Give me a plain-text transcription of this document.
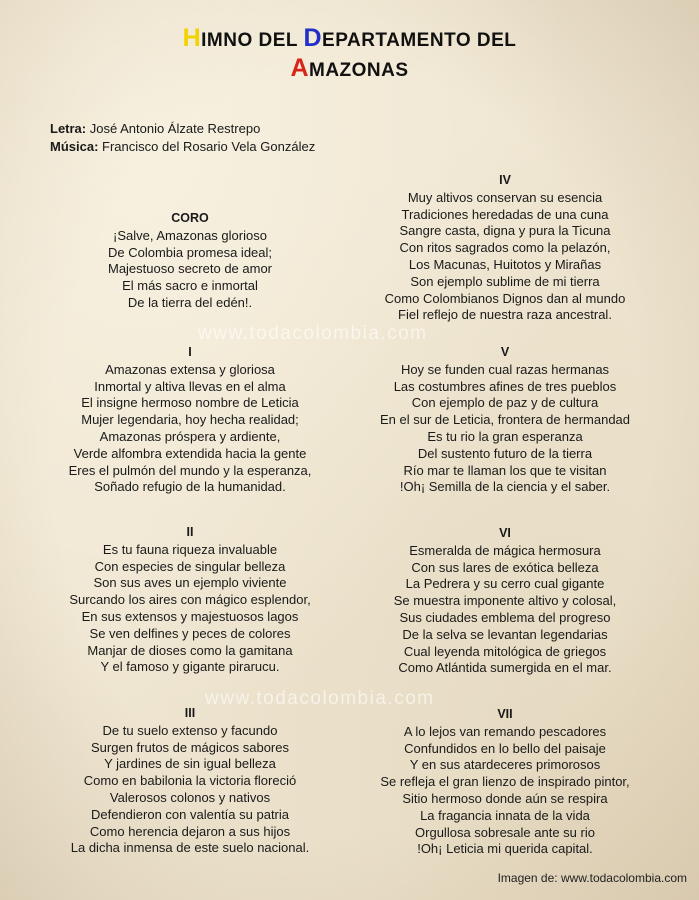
HIMNO DEL DEPARTAMENTO DEL
AMAZONAS
Letra: José Antonio Álzate Restrepo
Música: Francisco del Rosario Vela González
www.todacolombia.com
www.todacolombia.com
CORO
¡Salve, Amazonas glorioso
De Colombia promesa ideal;
Majestuoso secreto de amor
El más sacro e inmortal
De la tierra del edén!.
I
Amazonas extensa y gloriosa
Inmortal y altiva llevas en el alma
El insigne hermoso nombre de Leticia
Mujer legendaria, hoy hecha realidad;
Amazonas próspera y ardiente,
Verde alfombra extendida hacia la gente
Eres el pulmón del mundo y la esperanza,
Soñado refugio de la humanidad.
II
Es tu fauna riqueza invaluable
Con especies de singular belleza
Son sus aves un ejemplo viviente
Surcando los aires con mágico esplendor,
En sus extensos y majestuosos lagos
Se ven delfines y peces de colores
Manjar de dioses como la gamitana
Y el famoso y gigante pirarucu.
III
De tu suelo extenso y facundo
Surgen frutos de mágicos sabores
Y jardines de sin igual belleza
Como en babilonia la victoria floreció
Valerosos colonos y nativos
Defendieron con valentía su patria
Como herencia dejaron a sus hijos
La dicha inmensa de este suelo nacional.
IV
Muy altivos conservan su esencia
Tradiciones heredadas de una cuna
Sangre casta, digna y pura la Ticuna
Con ritos sagrados como la pelazón,
Los Macunas, Huitotos y Mirañas
Son ejemplo sublime de mi tierra
Como Colombianos Dignos dan al mundo
Fiel reflejo de nuestra raza ancestral.
V
Hoy se funden cual razas hermanas
Las costumbres afines de tres pueblos
Con ejemplo de paz y de cultura
En el sur de Leticia, frontera de hermandad
Es tu rio la gran esperanza
Del sustento futuro de la tierra
Río mar te llaman los que te visitan
!Oh¡ Semilla de la ciencia y el saber.
VI
Esmeralda de mágica hermosura
Con sus lares de exótica belleza
La Pedrera y su cerro cual gigante
Se muestra imponente altivo y colosal,
Sus ciudades emblema del progreso
De la selva se levantan legendarias
Cual leyenda mitológica de griegos
Como Atlántida sumergida en el mar.
VII
A lo lejos van remando pescadores
Confundidos en lo bello del paisaje
Y en sus atardeceres primorosos
Se refleja el gran lienzo de inspirado pintor,
Sitio hermoso donde aún se respira
La fragancia innata de la vida
Orgullosa sobresale ante su rio
!Oh¡ Leticia mi querida capital.
Imagen de: www.todacolombia.com
